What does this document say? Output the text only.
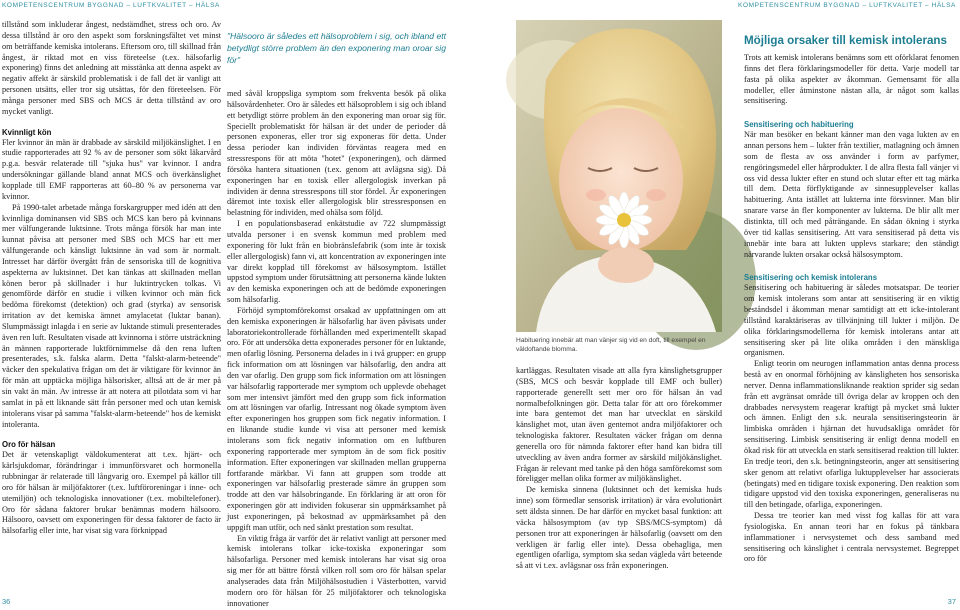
KOMPETENSCENTRUM BYGGNAD – LUFTKVALITET – HÄLSA	KOMPETENSCENTRUM BYGGNAD – LUFTKVALITET – HÄLSA

tillstånd som inkluderar ångest, nedstämdhet, stress och oro. Av dessa tillstånd är oro den aspekt som forskningsfältet vet minst om beträffande kemiska intolerans. Eftersom oro, till skillnad från ångest, är riktad mot en viss företeelse (t.ex. hälsofarlig exponering) finns det anledning att misstänka att denna aspekt av negativ affekt är särskild problematisk i de fall det är vanligt att personen utsätts, eller tror sig utsättas, för den företeelsen. För många personer med SBS och MCS är detta tillstånd av oro mycket vanligt.

Kvinnligt kön

Fler kvinnor än män är drabbade av särskild miljökänslighet. I en studie rapporterades att 92 % av de personer som sökt läkarvård p.g.a. besvär relaterade till "sjuka hus" var kvinnor. I andra undersökningar gällande bland annat MCS och överkänslighet kopplade till EMF rapporteras att 60–80 % av personerna var kvinnor.

På 1990-talet arbetade många forskargrupper med idén att den kvinnliga dominansen vid SBS och MCS kan bero på kvinnans mer välfungerande luktsinne. Trots många försök har man inte kunnat påvisa att personer med SBS och MCS har ett mer välfungerande och känsligt luktsinne än vad som är normalt. Intresset har därför övergått från de sensoriska till de kognitiva aspekterna av luktsinnet. Det kan tänkas att skillnaden mellan könen beror på skillnader i hur luktintrycken tolkas. Vi genomförde därför en studie i vilken kvinnor och män fick bedöma förekomst (detektion) och grad (styrka) av sensorisk irritation av det kemiska ämnet amylacetat (luktar banan). Slumpmässigt inlagda i en serie av luktande stimuli presenterades även ren luft. Resultaten visade att kvinnorna i större utsträckning än männen rapporterade luktförnimmelse då den rena luften presenterades, s.k. falska alarm. Detta "falskt-alarm-beteende" väcker den spekulativa frågan om det är viktigare för kvinnor än för män att upptäcka möjliga hälsorisker, alltså att de är mer på sin vakt än män. Av intresse är att notera att pilotdata som vi har samlat in på ett liknande sätt från personer med och utan kemisk intolerans visar på samma "falskt-alarm-beteende" hos de kemiskt intoleranta.

Oro för hälsan

Det är vetenskapligt väldokumenterat att t.ex. hjärt- och kärlsjukdomar, förändringar i immunförsvaret och hormonella rubbningar är relaterade till långvarig oro. Exempel på källor till oro för hälsan är miljöfaktorer (t.ex. luftföroreningar i inne- och utemiljön) och teknologiska innovationer (t.ex. mobiltelefoner). Oro för sådana faktorer brukar benämnas modern hälsooro. Hälsooro, oavsett om exponeringen för dessa faktorer de facto är hälsofarlig eller inte, har visat sig vara förknippad

"Hälsooro är således ett hälsoproblem i sig, och ibland ett betydligt större problem än den exponering man oroar sig för"

med såväl kroppsliga symptom som frekventa besök på olika hälsovårdenheter. Oro är således ett hälsoproblem i sig och ibland ett betydligt större problem än den exponering man oroar sig för. Speciellt problematiskt för hälsan är det under de perioder då personen exponeras, eller tror sig exponeras för detta. Under dessa perioder kan individen förväntas reagera med en stressrespons för att möta "hotet" (exponeringen), och därmed försöka hantera situationen (t.ex. genom att avlägsna sig). Då exponeringen har en toxisk eller allergologisk inverkan på individen är denna stressrespons till stor fördel. Är exponeringen däremot inte toxisk eller allergologisk blir stressresponsen en belastning för individen, med ohälsa som följd.

I en populationsbaserad enkätstudie av 722 slumpmässigt utvalda personer i en svensk kommun med problem med exponering för lukt från en biobränslefabrik (som inte är toxisk eller allergologisk) fann vi, att koncentration av exponeringen inte var direkt kopplad till förekomst av hälsosymptom. Istället uppstod symptom under förutsättning att personerna kände lukten av den kemiska exponeringen och att de bedömde exponeringen som hälsofarlig.

Förhöjd symptomförekomst orsakad av uppfattningen om att den kemiska exponeringen är hälsofarlig har även påvisats under laboratoriekontrollerade förhållanden med experimentellt skapad oro. För att undersöka detta exponerades personer för en luktande, men ofarlig lösning. Personerna delades in i två grupper: en grupp fick information om att lösningen var hälsofarlig, den andra att den var ofarlig. Den grupp som fick information om att lösningen var hälsofarlig rapporterade mer symptom och upplevde obehaget som mer intensivt jämfört med den grupp som fick information om att lösningen var ofarlig. Intressant nog ökade symptom även efter exponeringen hos gruppen som fick negativ information. I en liknande studie kunde vi visa att personer med kemisk intolerans som fick negativ information om en luftburen exponering rapporterade mer symptom än de som fick positiv information. Efter exponeringen var skillnaden mellan grupperna fortfarande märkbar. Vi fann att gruppen som trodde att exponeringen var hälsofarlig presterade sämre än gruppen som trodde att den var hälsobringande. En förklaring är att oron för exponeringen gör att individen fokuserar sin uppmärksamhet på just exponeringen, på bekostnad av uppmärksamhet på den uppgift man utför, och ned sänkt prestation som resultat.

En viktig fråga är varför det är relativt vanligt att personer med kemisk intolerans tolkar icke-toxiska exponeringar som hälsofarliga. Personer med kemisk intolerans har visat sig oroa sig mer för att bättre förstå vilken roll som oro för hälsan spelar analyserades data från Miljöhälsostudien i Västerbotten, varvid modern oro för hälsan för 25 miljöfaktorer och teknologiska innovationer

Habituering innebär att man vänjer sig vid en doft, till exempel en väldoftande blomma.

kartläggas. Resultaten visade att alla fyra känslighetsgrupper (SBS, MCS och besvär kopplade till EMF och buller) rapporterade generellt sett mer oro för hälsan än vad normalbefolkningen gör. Detta talar för att oro förekommer inte bara gentemot det man har utvecklat en särskild känslighet mot, utan även gentemot andra miljöfaktorer och teknologiska faktorer. Resultaten väcker frågan om denna generella oro för nämnda faktorer efter hand kan bidra till utveckling av även andra former av särskild miljökänslighet. Frågan är relevant med tanke på den höga samförekomst som föreligger mellan olika former av miljökänslighet.

De kemiska sinnena (luktsinnet och det kemiska huds inne) som förmedlar sensorisk irritation) är våra evolutionärt sett äldsta sinnen. De har därför en mycket basal funktion: att väcka hälsosymptom (av typ SBS/MCS-symptom) då personen tror att exponeringen är hälsofarlig (oavsett om den verkligen är farlig eller inte). Dessa obehagliga, men egentligen ofarliga, symptom ska sedan vägleda vårt beteende så att vi t.ex. avlägsnar oss från exponeringen.

Möjliga orsaker till kemisk intolerans

Trots att kemisk intolerans benämns som ett oförklarat fenomen finns det flera förklaringsmodeller för detta. Varje modell tar fasta på olika aspekter av åkomman. Gemensamt för alla modeller, eller åtminstone nästan alla, är något som kallas sensitisering.

Sensitisering och habituering

När man besöker en bekant känner man den vaga lukten av en annan persons hem – lukter från textilier, matlagning och ämnen som de flesta av oss använder i form av parfymer, rengöringsmedel eller hårprodukter. I de allra flesta fall vänjer vi oss vid dessa lukter efter en stund och slutar efter ett tag märka till dem. Detta förflyktigande av sinnesupplevelser kallas habituering. Anta istället att lukterna inte försvinner. Man blir snarare varse än fler komponenter av lukterna. De blir allt mer distinkta, till och med påträngande. En sådan ökning i styrka över tid kallas sensitisering. Att vara sensitiserad på detta vis innebär inte bara att lukten upplevs starkare; den ständigt närvarande lukten orsakar också hälsosymptom.

Sensitisering och kemisk intolerans

Sensitisering och habituering är således motsatspar. De teorier om kemisk intolerans som antar att sensitisering är en viktig beståndsdel i åkomman menar samtidigt att ett icke-intolerant tillstånd karaktäriseras av tillvänjning till lukter i miljön. De olika förklaringsmodellerna för kemisk intolerans antar att sensitisering sker på lite olika områden i den mänskliga organismen.

Enligt teorin om neurogen inflammation antas denna process bestå av en onormal förhöjning av känsligheten hos sensoriska nerver. Denna inflammationsliknande reaktion sprider sig sedan från ett avgränsat område till övriga delar av kroppen och den drabbades nervsystem reagerar kraftigt på mycket små lukter och ämnen. Enligt den s.k. neurala sensitiseringsteorin är limbiska områden i hjärnan det huvudsakliga området för sensitisering. Limbisk sensitisering är enligt denna modell en ökad risk för att utveckla en stark sensitiserad reaktion till lukter. En tredje teori, den s.k. betingningsteorin, anger att sensitisering sker genom att relativt ofarliga luktupplevelser har associerats (betingats) med en tidigare toxisk exponering. Den reaktion som tidigare uppstod vid den toxiska exponeringen, generaliseras nu till den betingade, ofarliga, exponeringen.

Dessa tre teorier kan med visst fog kallas för att vara fysiologiska. En annan teori har en fokus på tänkbara inflammationer i nervsystemet och dess samband med sensitisering och känslighet i centrala nervsystemet. Begreppet oro för

36	37
